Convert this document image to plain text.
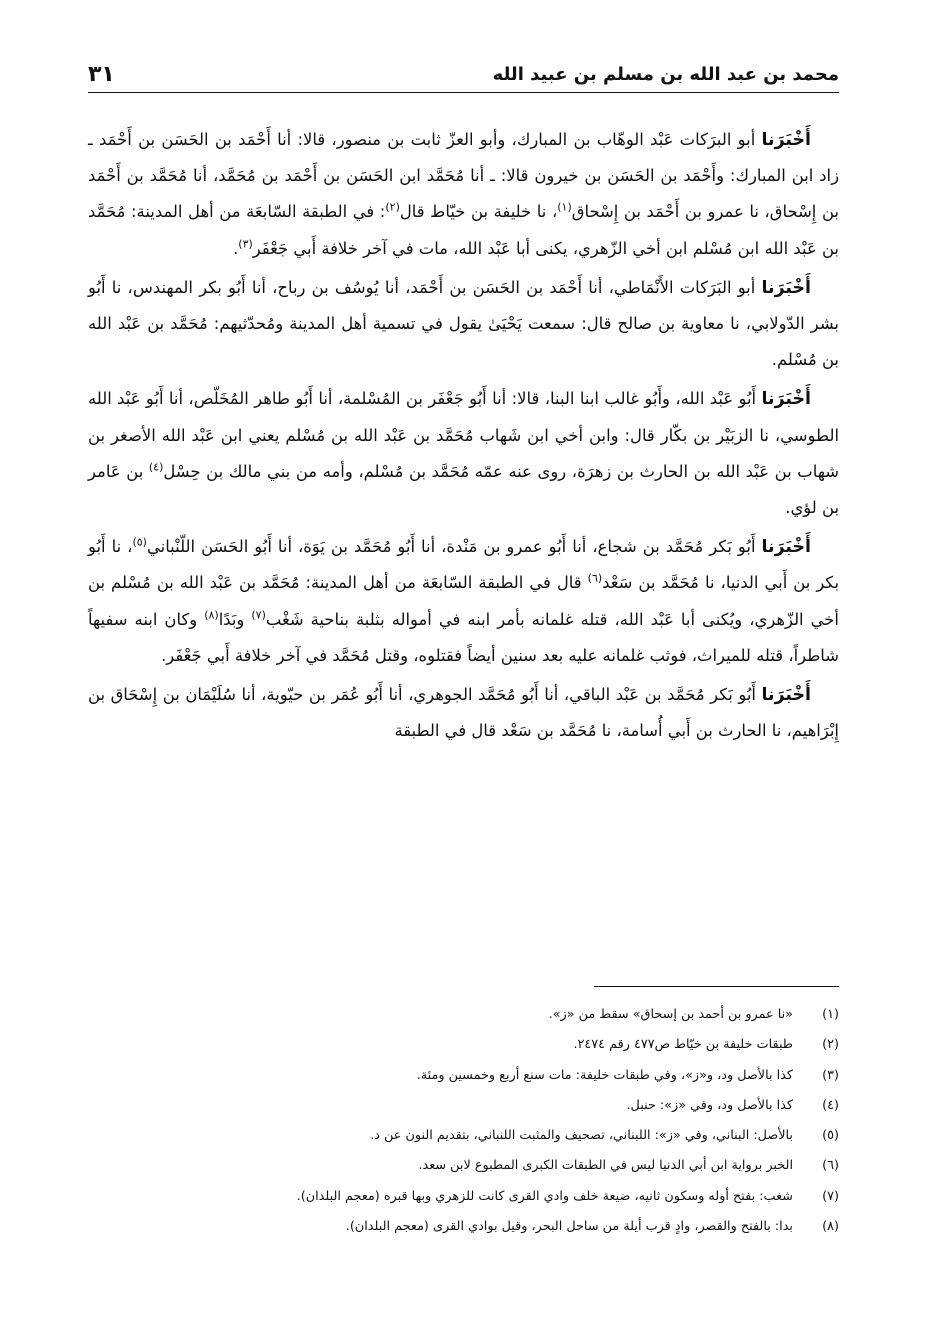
محمد بن عبد الله بن مسلم بن عبيد الله
٣١

أَخْبَرَنا أبو البرَكات عَبْد الوهّاب بن المبارك، وأبو العزّ ثابت بن منصور، قالا: أنا أَحْمَد بن الحَسَن بن أَحْمَد ـ زاد ابن المبارك: وأَحْمَد بن الحَسَن بن خيرون قالا: ـ أنا مُحَمَّد ابن الحَسَن بن أَحْمَد بن مُحَمَّد، أنا مُحَمَّد بن أَحْمَد بن إِسْحاق، نا عمرو بن أَحْمَد بن إِسْحاق$^{(١)}$، نا خليفة بن خيّاط قال$^{(٢)}$: في الطبقة السّابعَة من أهل المدينة: مُحَمَّد بن عَبْد الله ابن مُسْلم ابن أخي الزّهري، يكنى أبا عَبْد الله، مات في آخر خلافة أَبي جَعْفَر$^{(٣)}$.

أَخْبَرَنا أبو البَرَكات الأَنْمَاطي، أنا أَحْمَد بن الحَسَن بن أَحْمَد، أنا يُوسُف بن رباح، أنا أَبُو بكر المهندس، نا أَبُو بشر الدّولابي، نا معاوية بن صالح قال: سمعت يَحْيَىٰ يقول في تسمية أهل المدينة ومُحدّثيهم: مُحَمَّد بن عَبْد الله بن مُسْلم.

أَخْبَرَنا أَبُو عَبْد الله، وأَبُو غالب ابنا البنا، قالا: أنا أَبُو جَعْفَر بن المُسْلمة، أنا أَبُو طاهر المُخَلّص، أنا أَبُو عَبْد الله الطوسي، نا الزبَيْر بن بكّار قال: وابن أخي ابن شَهاب مُحَمَّد بن عَبْد الله بن مُسْلم يعني ابن عَبْد الله الأصغر بن شهاب بن عَبْد الله بن الحارث بن زهرَة، روى عنه عمّه مُحَمَّد بن مُسْلم، وأمه من بني مالك بن حِسْل$^{(٤)}$ بن عَامر بن لؤي.

أَخْبَرَنا أَبُو بَكر مُحَمَّد بن شجاع، أنا أَبُو عمرو بن مَنْدة، أنا أَبُو مُحَمَّد بن يَوَة، أنا أَبُو الحَسَن اللّنْباني$^{(٥)}$، نا أَبُو بكر بن أَبي الدنيا، نا مُحَمَّد بن سَعْد$^{(٦)}$ قال في الطبقة السّابعَة من أهل المدينة: مُحَمَّد بن عَبْد الله بن مُسْلم بن أخي الزّهري، ويُكنى أبا عَبْد الله، قتله غلمانه بأمر ابنه في أمواله بثلبة بناحية شَغْب$^{(٧)}$ وبَدًا$^{(٨)}$ وكان ابنه سفيهاً شاطراً، قتله للميراث، فوثب غلمانه عليه بعد سنين أيضاً فقتلوه، وقتل مُحَمَّد في آخر خلافة أَبي جَعْفَر.

أَخْبَرَنا أَبُو بَكر مُحَمَّد بن عَبْد الباقي، أنا أَبُو مُحَمَّد الجوهري، أنا أَبُو عُمَر بن حيّوية، أنا سُلَيْمَان بن إِسْحَاق بن إِبْرَاهيم، نا الحارث بن أَبي أُسامة، نا مُحَمَّد بن سَعْد قال في الطبقة

(١)
«نا عمرو بن أحمد بن إسحاق» سقط من «ز».
(٢)
طبقات خليفة بن خيّاط ص٤٧٧ رقم ٢٤٧٤.
(٣)
كذا بالأصل ود، و«ز»، وفي طبقات خليفة: مات سنع أربع وخمسين ومئة.
(٤)
كذا بالأصل ود، وفي «ز»: حنبل.
(٥)
بالأصل: البناني، وفي «ز»: اللبناني، تصحيف والمثبت اللنباني، بتقديم النون عن د.
(٦)
الخبر برواية ابن أبي الدنيا ليس في الطبقات الكبرى المطبوع لابن سعد.
(٧)
شغب: بفتح أوله وسكون ثانيه، ضيعة خلف وادي القرى كانت للزهري وبها قبره (معجم البلدان).
(٨)
بدا: بالفتح والقصر، وادٍ قرب أيلة من ساحل البحر، وقيل بوادي القرى (معجم البلدان).
